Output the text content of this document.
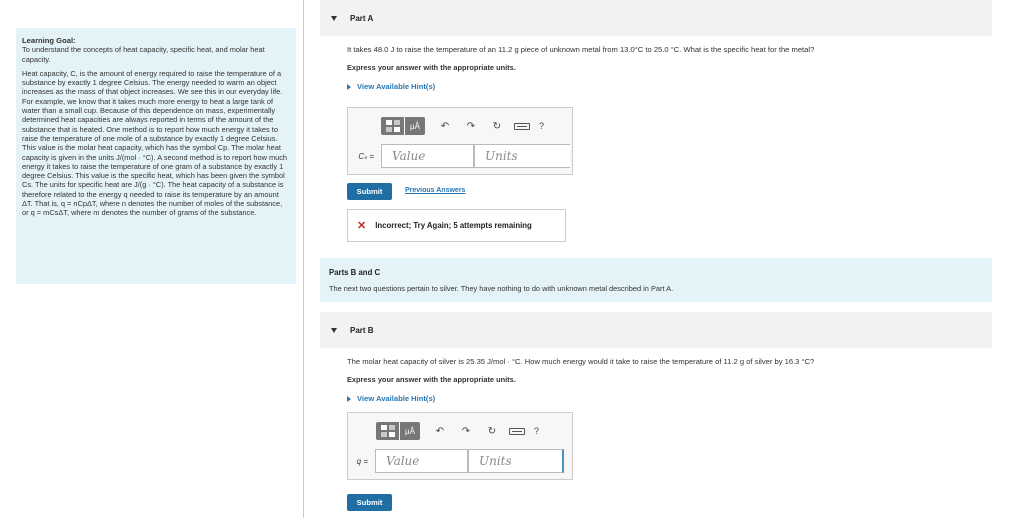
Learning Goal:

To understand the concepts of heat capacity, specific heat, and molar heat capacity.

Heat capacity, C, is the amount of energy required to raise the temperature of a substance by exactly 1 degree Celsius. The energy needed to warm an object increases as the mass of that object increases. We see this in our everyday life. For example, we know that it takes much more energy to heat a large tank of water than a small cup. Because of this dependence on mass, experimentally determined heat capacities are always reported in terms of the amount of the substance that is heated. One method is to report how much energy it takes to raise the temperature of one mole of a substance by exactly 1 degree Celsius. This value is the molar heat capacity, which has the symbol Cp. The molar heat capacity is given in the units J/(mol · °C). A second method is to report how much energy it takes to raise the temperature of one gram of a substance by exactly 1 degree Celsius. This value is the specific heat, which has been given the symbol Cs. The units for specific heat are J/(g · °C). The heat capacity of a substance is therefore related to the energy q needed to raise its temperature by an amount ΔT. That is, q = nCpΔT, where n denotes the number of moles of the substance, or q = mCsΔT, where m denotes the number of grams of the substance.

Part A
It takes 48.0 J to raise the temperature of an 11.2 g piece of unknown metal from 13.0°C to 25.0 °C. What is the specific heat for the metal?
Express your answer with the appropriate units.
View Available Hint(s)
μÅ	↶ ↷ ↻	?
Cₛ =	Value	Units
Submit	Previous Answers
✕ Incorrect; Try Again; 5 attempts remaining
Parts B and C
The next two questions pertain to silver. They have nothing to do with unknown metal described in Part A.
Part B
The molar heat capacity of silver is 25.35 J/mol · °C. How much energy would it take to raise the temperature of 11.2 g of silver by 16.3 °C?
Express your answer with the appropriate units.
View Available Hint(s)
μÅ	↶ ↷ ↻	?
q =	Value	Units
Submit
